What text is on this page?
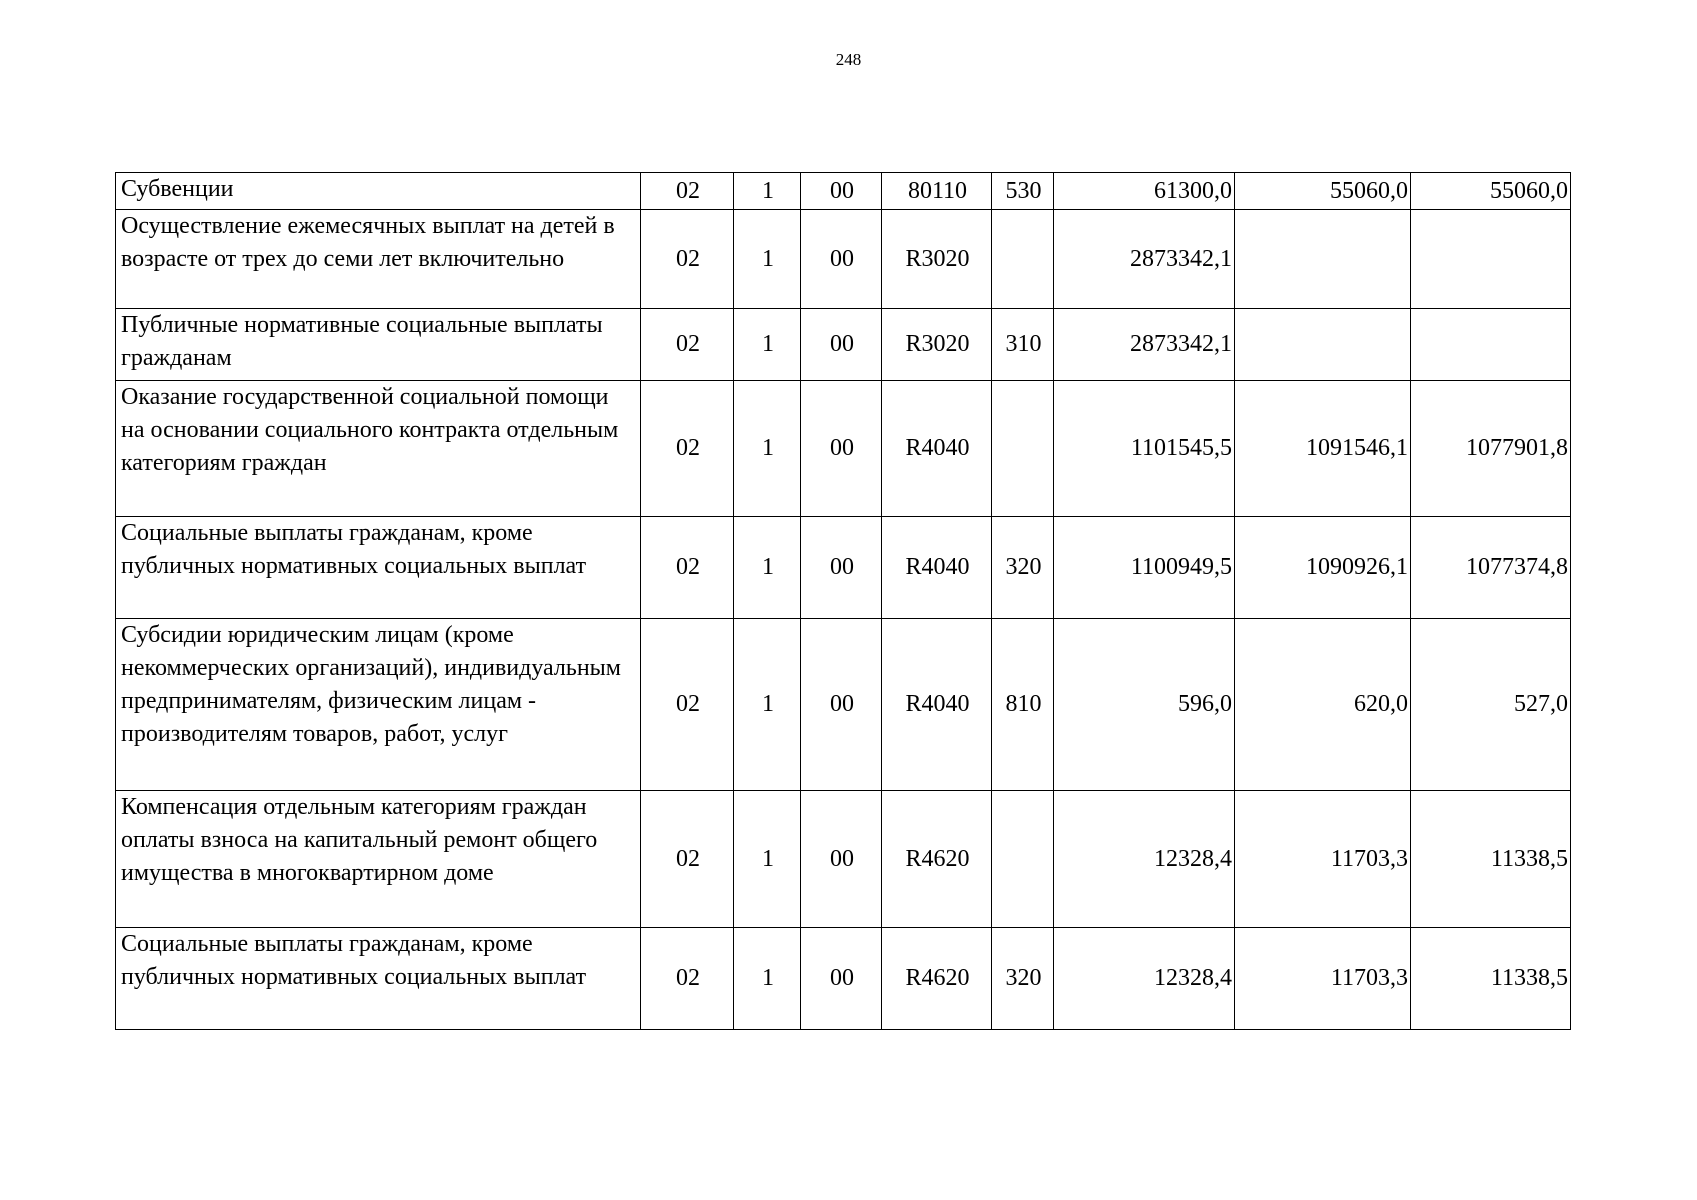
248
Субвенции	02	1	00	80110	530	61300,0	55060,0	55060,0
Осуществление ежемесячных выплат на детей в возрасте от трех до семи лет включительно	02	1	00	R3020		2873342,1		
Публичные нормативные социальные выплаты гражданам	02	1	00	R3020	310	2873342,1		
Оказание государственной социальной помощи на основании социального контракта отдельным категориям граждан	02	1	00	R4040		1101545,5	1091546,1	1077901,8
Социальные выплаты гражданам, кроме публичных нормативных социальных выплат	02	1	00	R4040	320	1100949,5	1090926,1	1077374,8
Субсидии юридическим лицам (кроме некоммерческих организаций), индивидуальным предпринимателям, физическим лицам - производителям товаров, работ, услуг	02	1	00	R4040	810	596,0	620,0	527,0
Компенсация отдельным категориям граждан оплаты взноса на капитальный ремонт общего имущества в многоквартирном доме	02	1	00	R4620		12328,4	11703,3	11338,5
Социальные выплаты гражданам, кроме публичных нормативных социальных выплат	02	1	00	R4620	320	12328,4	11703,3	11338,5
